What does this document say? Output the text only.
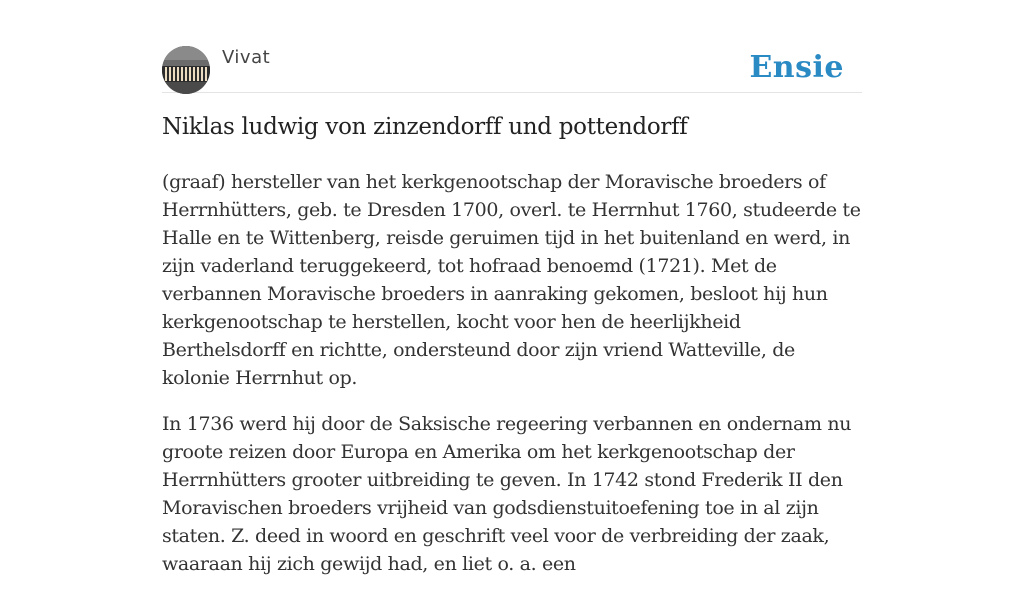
Vivat	Ensie
Niklas ludwig von zinzendorff und pottendorff

(graaf) hersteller van het kerkgenootschap der Moravische broeders of Herrnhütters, geb. te Dresden 1700, overl. te Herrnhut 1760, studeerde te Halle en te Wittenberg, reisde geruimen tijd in het buitenland en werd, in zijn vaderland teruggekeerd, tot hofraad benoemd (1721). Met de verbannen Moravische broeders in aanraking gekomen, besloot hij hun kerkgenootschap te herstellen, kocht voor hen de heerlijkheid Berthelsdorff en richtte, ondersteund door zijn vriend Watteville, de kolonie Herrnhut op.

In 1736 werd hij door de Saksische regeering verbannen en ondernam nu groote reizen door Europa en Amerika om het kerkgenootschap der Herrnhütters grooter uitbreiding te geven. In 1742 stond Frederik II den Moravischen broeders vrijheid van godsdienstuitoefening toe in al zijn staten. Z. deed in woord en geschrift veel voor de verbreiding der zaak, waaraan hij zich gewijd had, en liet o. a. een
